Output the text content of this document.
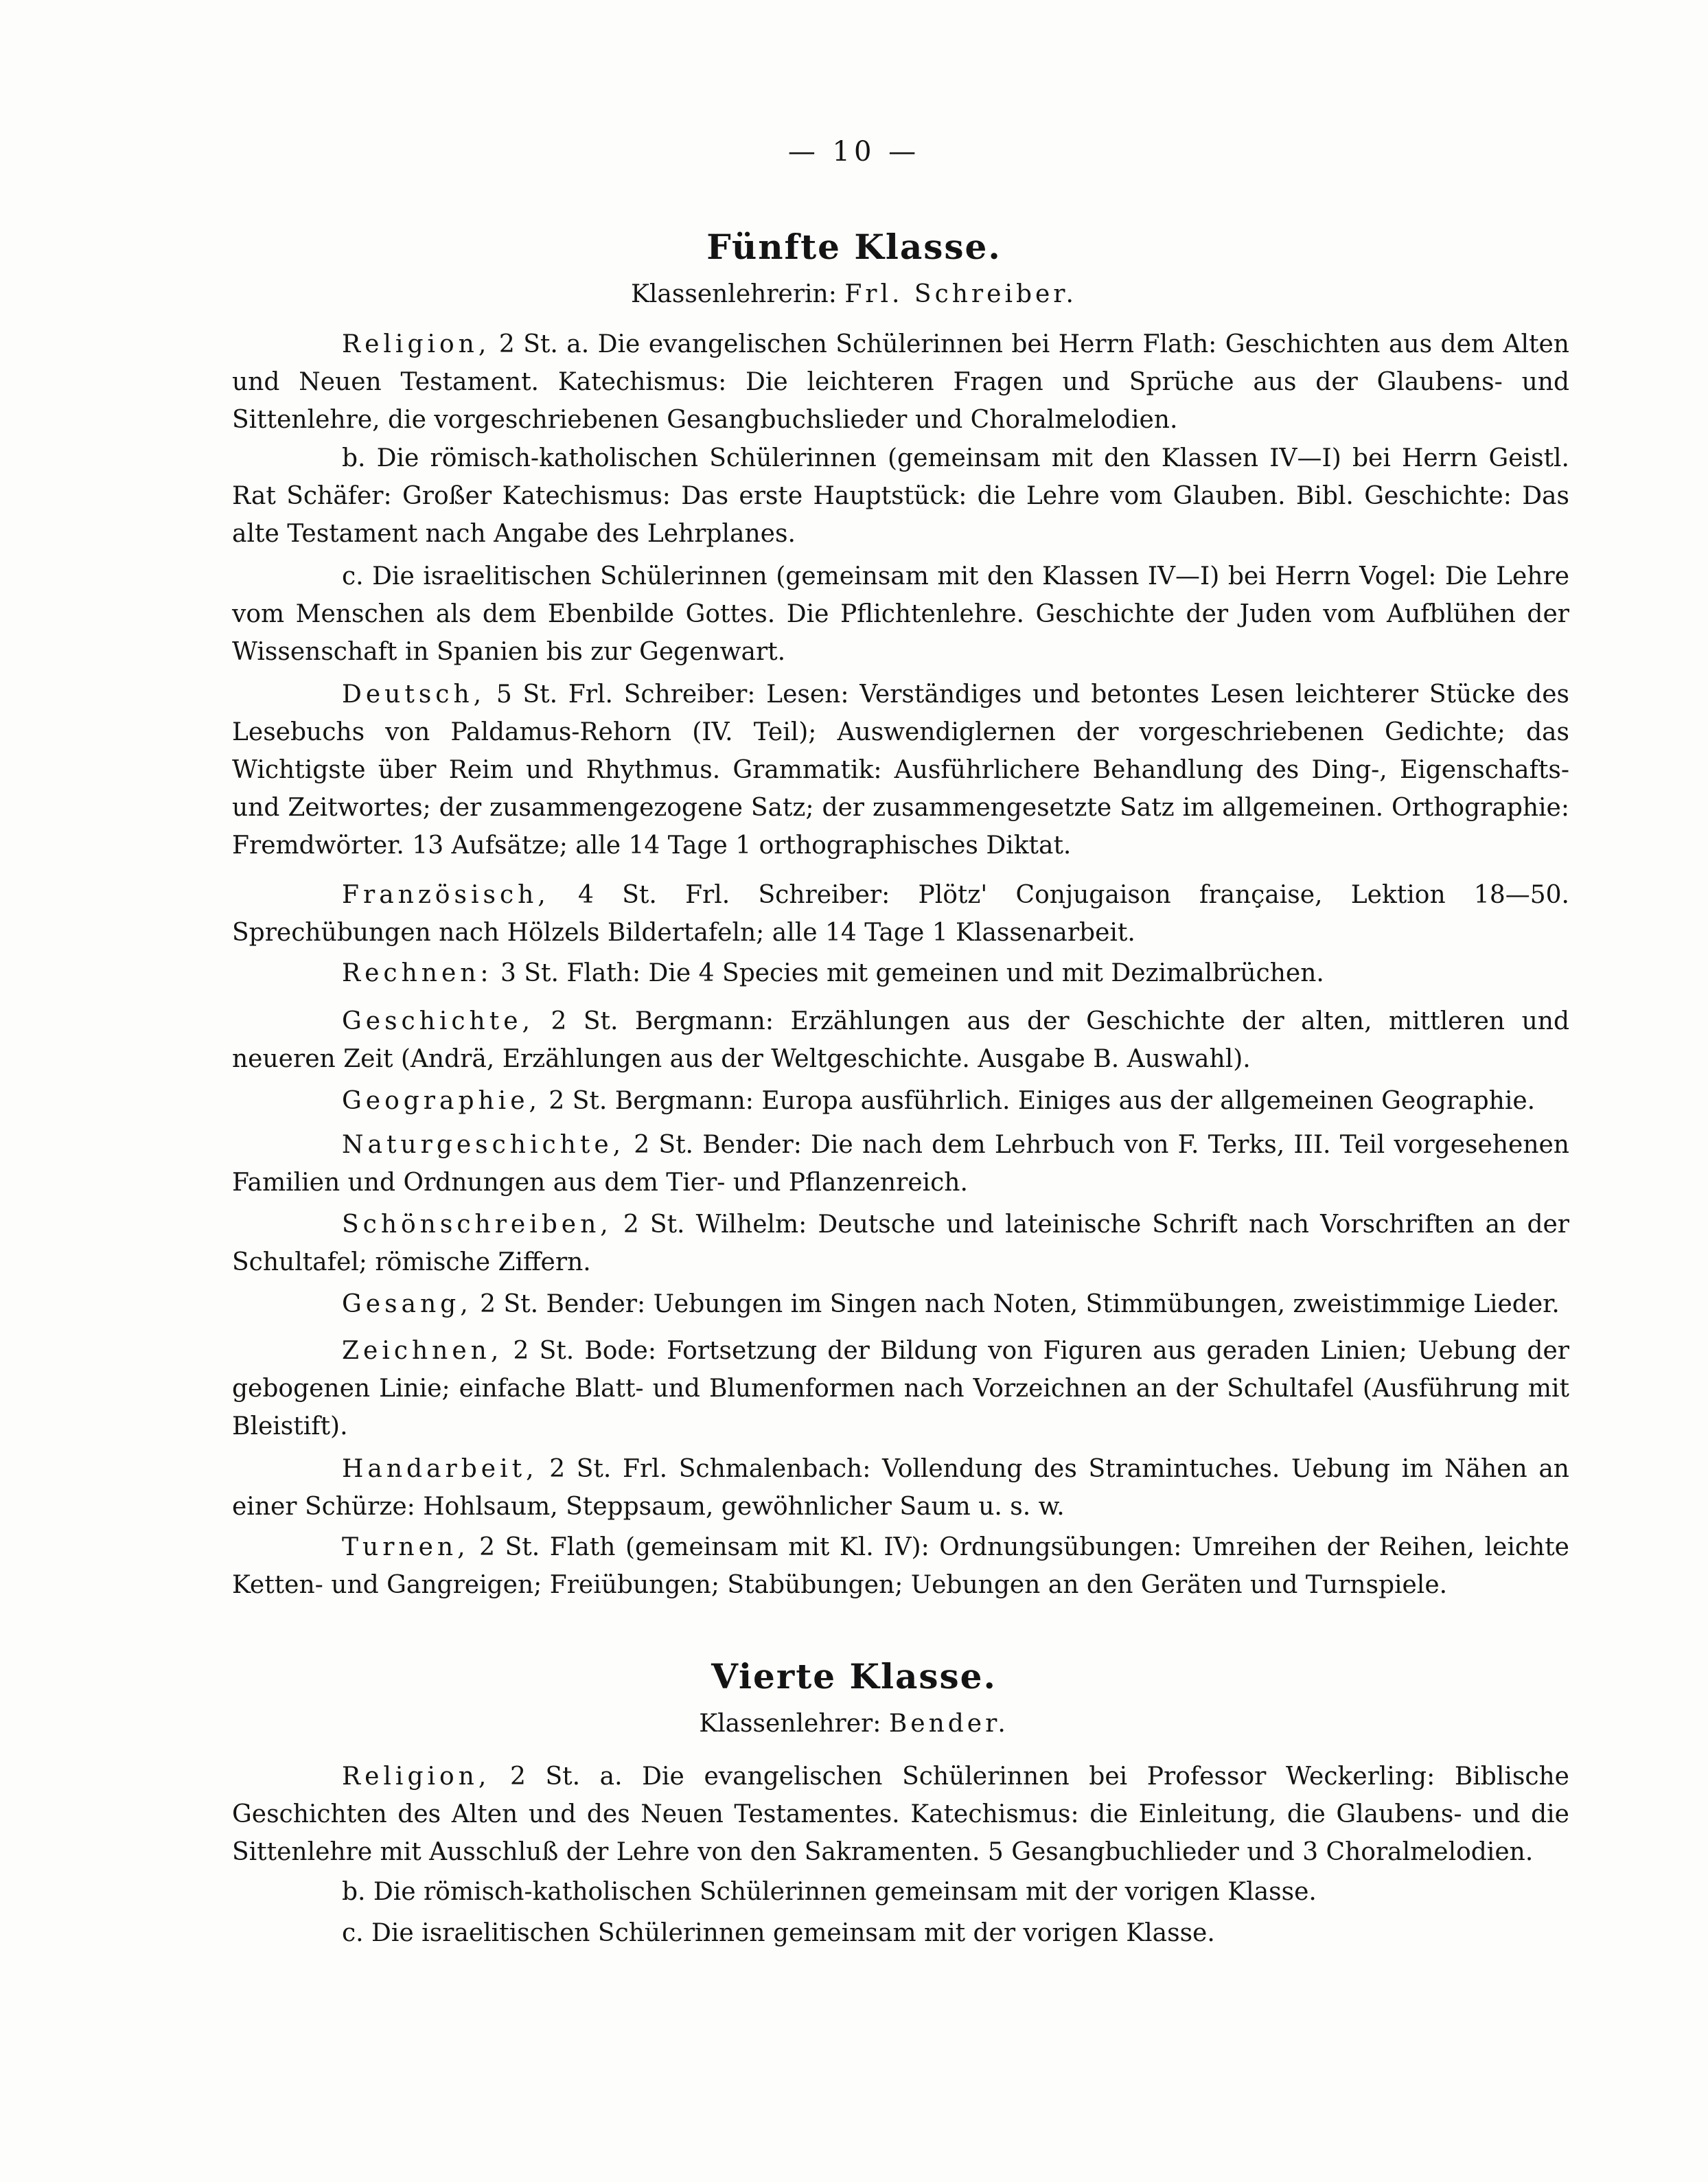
— 10 —
Fünfte Klasse.
Klassenlehrerin: Frl. Schreiber.
Religion, 2 St. a. Die evangelischen Schülerinnen bei Herrn Flath: Geschichten aus dem Alten und Neuen Testament. Katechismus: Die leichteren Fragen und Sprüche aus der Glaubens- und Sittenlehre, die vorgeschriebenen Gesangbuchslieder und Choralmelodien.
b. Die römisch-katholischen Schülerinnen (gemeinsam mit den Klassen IV—I) bei Herrn Geistl. Rat Schäfer: Großer Katechismus: Das erste Hauptstück: die Lehre vom Glauben. Bibl. Geschichte: Das alte Testament nach Angabe des Lehrplanes.
c. Die israelitischen Schülerinnen (gemeinsam mit den Klassen IV—I) bei Herrn Vogel: Die Lehre vom Menschen als dem Ebenbilde Gottes. Die Pflichtenlehre. Geschichte der Juden vom Aufblühen der Wissenschaft in Spanien bis zur Gegenwart.
Deutsch, 5 St. Frl. Schreiber: Lesen: Verständiges und betontes Lesen leichterer Stücke des Lesebuchs von Paldamus-Rehorn (IV. Teil); Auswendiglernen der vorgeschriebenen Gedichte; das Wichtigste über Reim und Rhythmus. Grammatik: Ausführlichere Behandlung des Ding-, Eigenschafts- und Zeitwortes; der zusammengezogene Satz; der zusammengesetzte Satz im allgemeinen. Orthographie: Fremdwörter. 13 Aufsätze; alle 14 Tage 1 orthographisches Diktat.
Französisch, 4 St. Frl. Schreiber: Plötz' Conjugaison française, Lektion 18—50. Sprechübungen nach Hölzels Bildertafeln; alle 14 Tage 1 Klassenarbeit.
Rechnen: 3 St. Flath: Die 4 Species mit gemeinen und mit Dezimalbrüchen.
Geschichte, 2 St. Bergmann: Erzählungen aus der Geschichte der alten, mittleren und neueren Zeit (Andrä, Erzählungen aus der Weltgeschichte. Ausgabe B. Auswahl).
Geographie, 2 St. Bergmann: Europa ausführlich. Einiges aus der allgemeinen Geographie.
Naturgeschichte, 2 St. Bender: Die nach dem Lehrbuch von F. Terks, III. Teil vorgesehenen Familien und Ordnungen aus dem Tier- und Pflanzenreich.
Schönschreiben, 2 St. Wilhelm: Deutsche und lateinische Schrift nach Vorschriften an der Schultafel; römische Ziffern.
Gesang, 2 St. Bender: Uebungen im Singen nach Noten, Stimmübungen, zweistimmige Lieder.
Zeichnen, 2 St. Bode: Fortsetzung der Bildung von Figuren aus geraden Linien; Uebung der gebogenen Linie; einfache Blatt- und Blumenformen nach Vorzeichnen an der Schultafel (Ausführung mit Bleistift).
Handarbeit, 2 St. Frl. Schmalenbach: Vollendung des Stramintuches. Uebung im Nähen an einer Schürze: Hohlsaum, Steppsaum, gewöhnlicher Saum u. s. w.
Turnen, 2 St. Flath (gemeinsam mit Kl. IV): Ordnungsübungen: Umreihen der Reihen, leichte Ketten- und Gangreigen; Freiübungen; Stabübungen; Uebungen an den Geräten und Turnspiele.
Vierte Klasse.
Klassenlehrer: Bender.
Religion, 2 St. a. Die evangelischen Schülerinnen bei Professor Weckerling: Biblische Geschichten des Alten und des Neuen Testamentes. Katechismus: die Einleitung, die Glaubens- und die Sittenlehre mit Ausschluß der Lehre von den Sakramenten. 5 Gesangbuchlieder und 3 Choralmelodien.
b. Die römisch-katholischen Schülerinnen gemeinsam mit der vorigen Klasse.
c. Die israelitischen Schülerinnen gemeinsam mit der vorigen Klasse.
